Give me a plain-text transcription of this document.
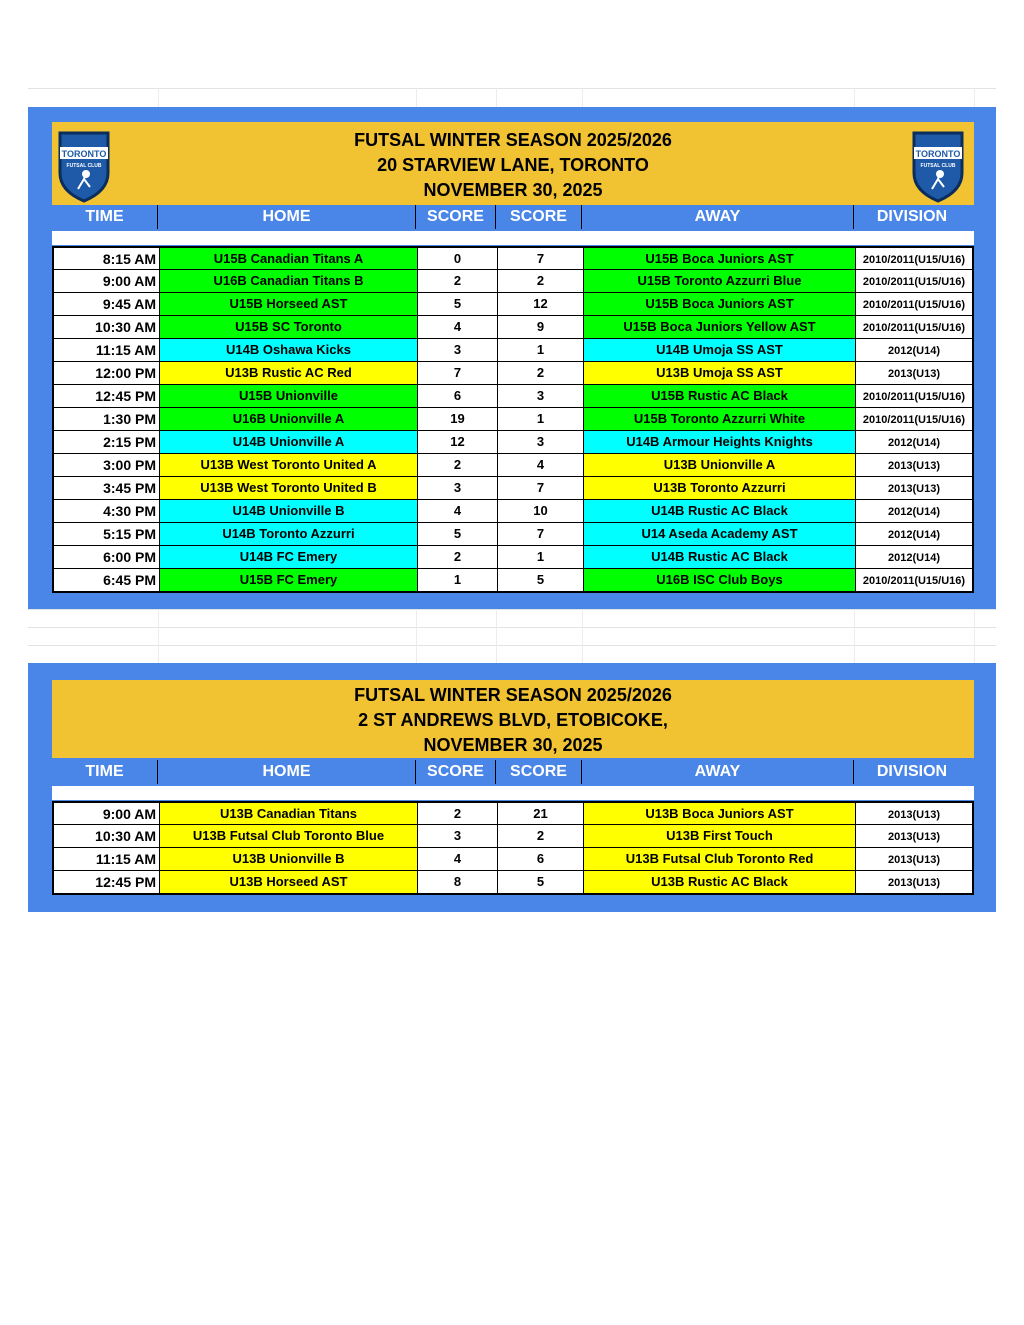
FUTSAL WINTER SEASON 2025/2026
20 STARVIEW LANE, TORONTO
NOVEMBER 30, 2025
TORONTO
FUTSAL CLUB
TORONTO
FUTSAL CLUB
TIME	HOME	SCORE	SCORE	AWAY	DIVISION
8:15 AM	U15B Canadian Titans A	0	7	U15B Boca Juniors AST	2010/2011(U15/U16)
9:00 AM	U16B Canadian Titans B	2	2	U15B Toronto Azzurri Blue	2010/2011(U15/U16)
9:45 AM	U15B Horseed AST	5	12	U15B Boca Juniors AST	2010/2011(U15/U16)
10:30 AM	U15B SC Toronto	4	9	U15B Boca Juniors Yellow AST	2010/2011(U15/U16)
11:15 AM	U14B Oshawa Kicks	3	1	U14B Umoja SS AST	2012(U14)
12:00 PM	U13B Rustic AC Red	7	2	U13B Umoja SS AST	2013(U13)
12:45 PM	U15B Unionville	6	3	U15B Rustic AC Black	2010/2011(U15/U16)
1:30 PM	U16B Unionville A	19	1	U15B Toronto Azzurri White	2010/2011(U15/U16)
2:15 PM	U14B Unionville A	12	3	U14B Armour Heights Knights	2012(U14)
3:00 PM	U13B West Toronto United A	2	4	U13B Unionville A	2013(U13)
3:45 PM	U13B West Toronto United B	3	7	U13B Toronto Azzurri	2013(U13)
4:30 PM	U14B Unionville B	4	10	U14B Rustic AC Black	2012(U14)
5:15 PM	U14B Toronto Azzurri	5	7	U14 Aseda Academy AST	2012(U14)
6:00 PM	U14B FC Emery	2	1	U14B Rustic AC Black	2012(U14)
6:45 PM	U15B FC Emery	1	5	U16B ISC Club Boys	2010/2011(U15/U16)
FUTSAL WINTER SEASON 2025/2026
2 ST ANDREWS BLVD, ETOBICOKE,
NOVEMBER 30, 2025
TIME	HOME	SCORE	SCORE	AWAY	DIVISION
9:00 AM	U13B Canadian Titans	2	21	U13B Boca Juniors AST	2013(U13)
10:30 AM	U13B Futsal Club Toronto Blue	3	2	U13B First Touch	2013(U13)
11:15 AM	U13B Unionville B	4	6	U13B Futsal Club Toronto Red	2013(U13)
12:45 PM	U13B Horseed AST	8	5	U13B Rustic AC Black	2013(U13)
